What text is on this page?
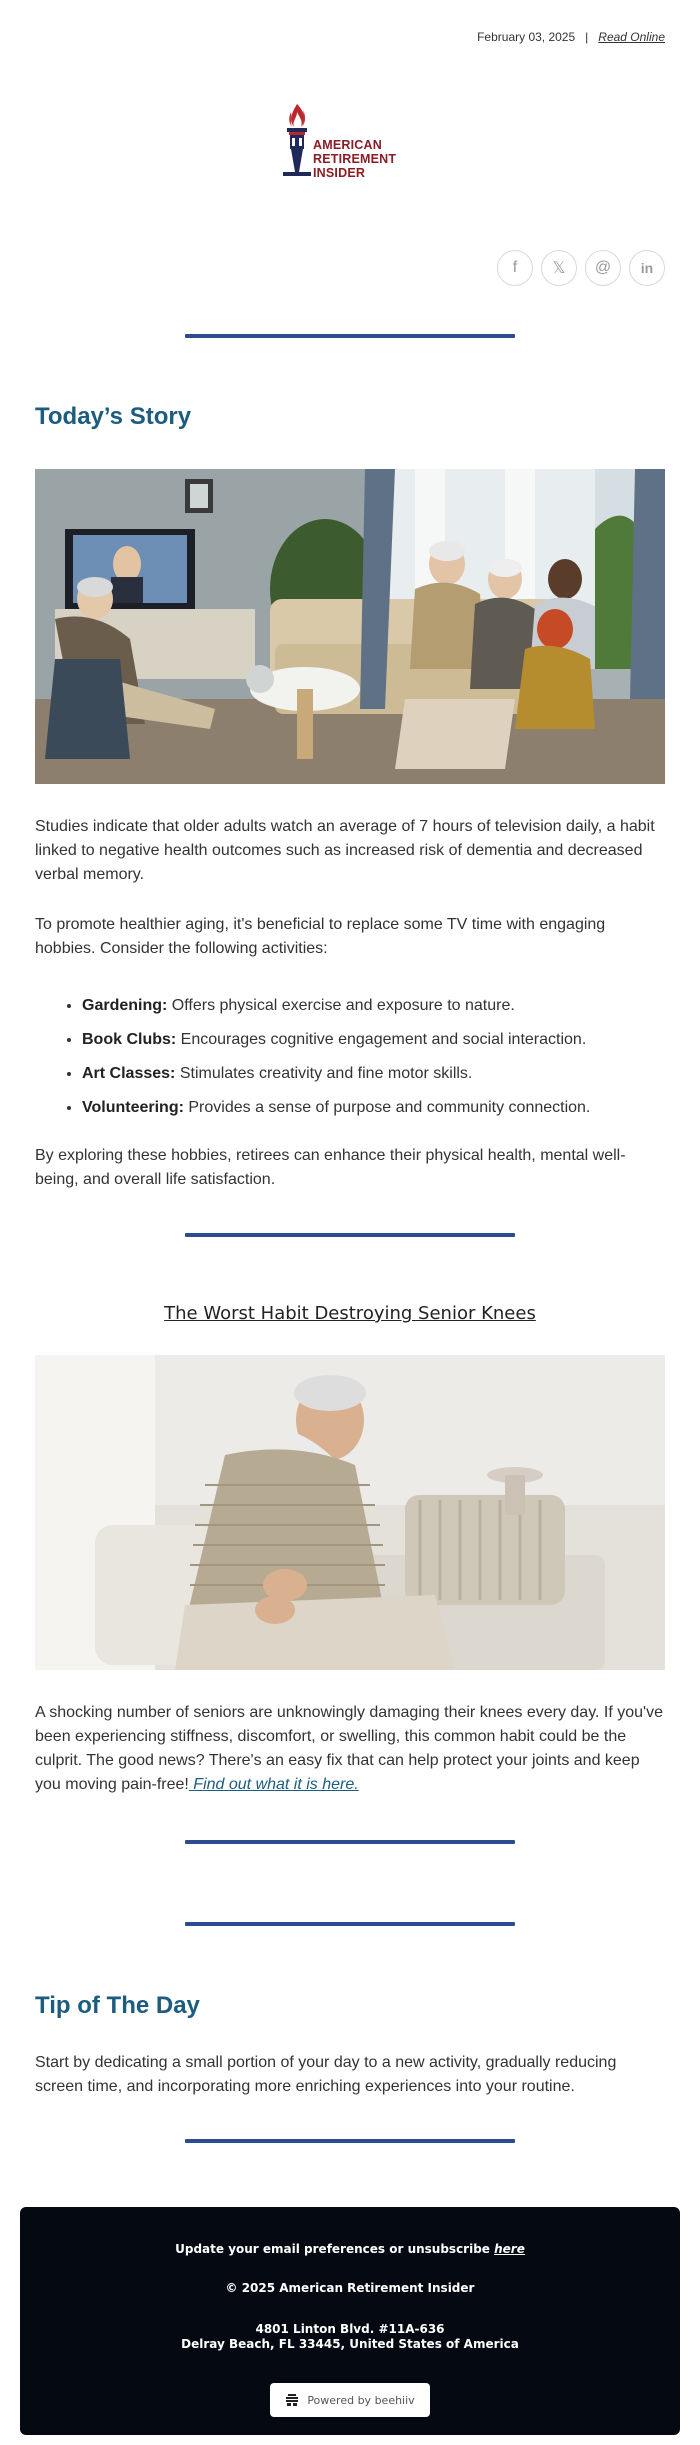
February 03, 2025 | Read Online
AMERICAN
RETIREMENT INSIDER
f 𝕏 @ in
Today’s Story

Studies indicate that older adults watch an average of 7 hours of television daily, a habit linked to negative health outcomes such as increased risk of dementia and decreased verbal memory.

To promote healthier aging, it's beneficial to replace some TV time with engaging hobbies. Consider the following activities:

• Gardening: Offers physical exercise and exposure to nature.
• Book Clubs: Encourages cognitive engagement and social interaction.
• Art Classes: Stimulates creativity and fine motor skills.
• Volunteering: Provides a sense of purpose and community connection.

By exploring these hobbies, retirees can enhance their physical health, mental well-being, and overall life satisfaction.

The Worst Habit Destroying Senior Knees

A shocking number of seniors are unknowingly damaging their knees every day. If you've been experiencing stiffness, discomfort, or swelling, this common habit could be the culprit. The good news? There's an easy fix that can help protect your joints and keep you moving pain-free! Find out what it is here.

Tip of The Day

Start by dedicating a small portion of your day to a new activity, gradually reducing screen time, and incorporating more enriching experiences into your routine.

Update your email preferences or unsubscribe here
© 2025 American Retirement Insider
4801 Linton Blvd. #11A-636
Delray Beach, FL 33445, United States of America
Powered by beehiiv
